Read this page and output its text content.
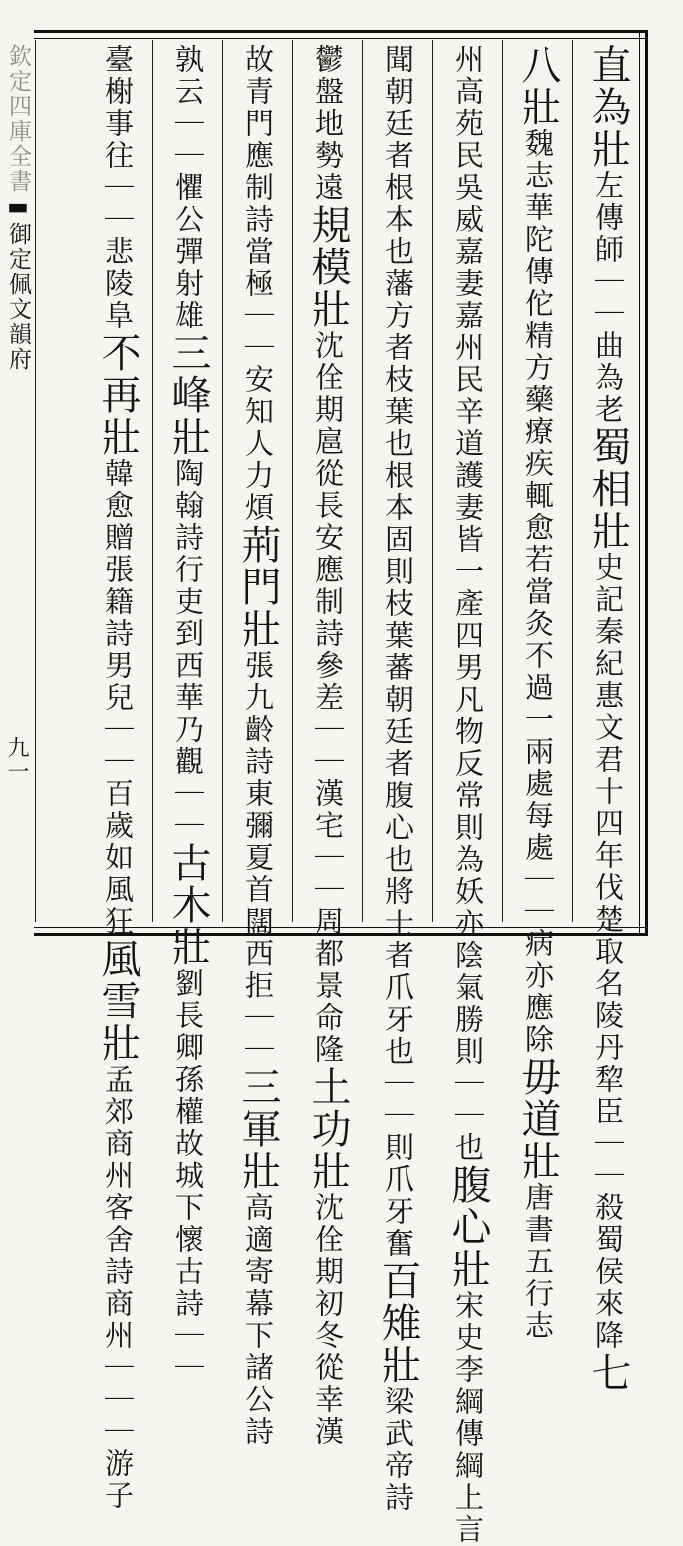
欽定四庫全書▬御定佩文韻府
九一
直為壯左傳師｜｜曲為老蜀相壯史記秦紀惠文君十四年伐楚取名陵丹犂臣｜｜殺蜀侯來降七
八壯魏志華陀傳佗精方藥療疾輒愈若當灸不過一兩處每處｜｜病亦應除毋道壯唐書五行志
州高苑民吳威嘉妻嘉州民辛道護妻皆一產四男凡物反常則為妖亦陰氣勝則｜｜也腹心壯宋史李綱傳綱上言
聞朝廷者根本也藩方者枝葉也根本固則枝葉蕃朝廷者腹心也將士者爪牙也｜｜則爪牙奮百雉壯梁武帝詩
鬱盤地勢遠規模壯沈佺期扈從長安應制詩參差｜｜漢宅｜｜周都景命隆土功壯沈佺期初冬從幸漢
故青門應制詩當極｜｜安知人力煩荊門壯張九齡詩東彌夏首闊西拒｜｜三軍壯高適寄幕下諸公詩
孰云｜｜懼公彈射雄三峰壯陶翰詩行吏到西華乃觀｜｜古木壯劉長卿孫權故城下懷古詩｜｜
臺榭事往｜｜悲陵阜不再壯韓愈贈張籍詩男兒｜｜百歲如風狂風雪壯孟郊商州客舍詩商州｜｜｜游子
